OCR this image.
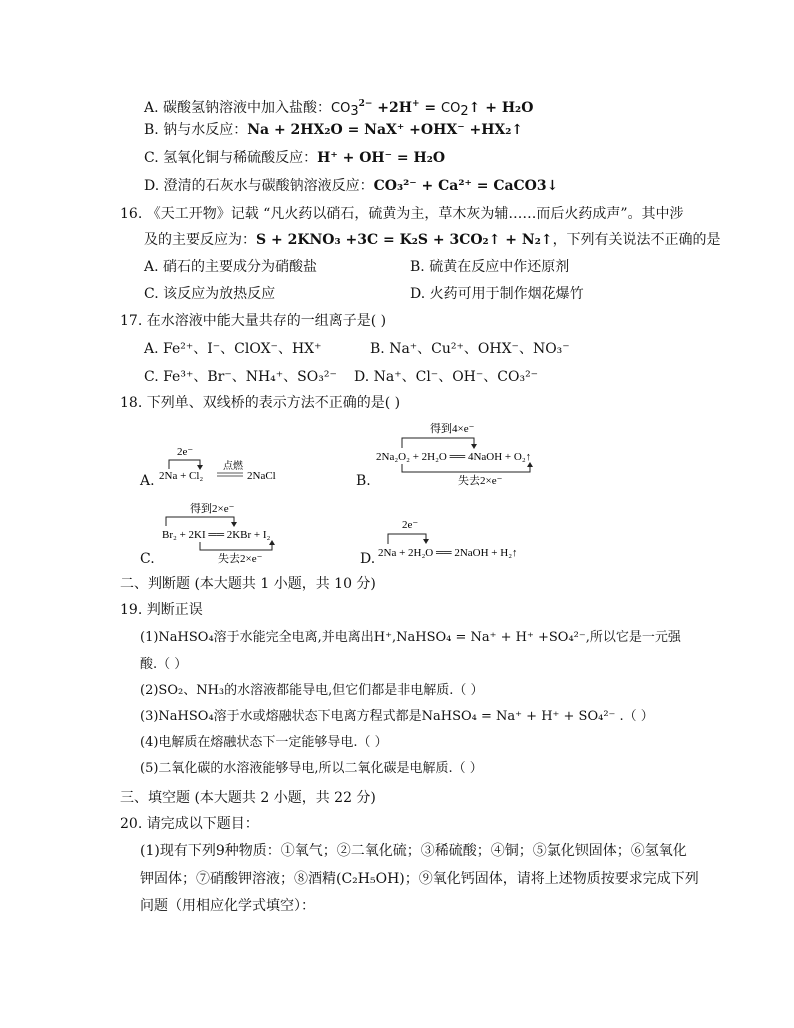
A. 碳酸氢钠溶液中加入盐酸：$CO3^{2-} +2H^+$ = CO2↑ + H₂O
B. 钠与水反应：Na + 2HX₂O = NaX⁺ +OHX⁻ +HX₂↑
C. 氢氧化铜与稀硫酸反应：H⁺ + OH⁻ = H₂O
D. 澄清的石灰水与碳酸钠溶液反应：CO₃²⁻ + Ca²⁺ = CaCO3↓
16. 《天工开物》记载 “凡火药以硝石，硫黄为主，草木灰为辅……而后火药成声”。其中涉
及的主要反应为：S + 2KNO₃ +3C = K₂S + 3CO₂↑ + N₂↑，下列有关说法不正确的是
A. 硝石的主要成分为硝酸盐	B. 硫黄在反应中作还原剂
C. 该反应为放热反应	D. 火药可用于制作烟花爆竹
17. 在水溶液中能大量共存的一组离子是( )
A. Fe²⁺、I⁻、ClOX⁻、HX⁺	B. Na⁺、Cu²⁺、OHX⁻、NO₃⁻
C. Fe³⁺、Br⁻、NH₄⁺、SO₃²⁻ D. Na⁺、Cl⁻、OH⁻、CO₃²⁻
18. 下列单、双线桥的表示方法不正确的是( )
A.
2e⁻
2Na + Cl₂
点燃
2NaCl	B.
得到4×e⁻
2Na₂O₂ + 2H₂O ══ 4NaOH + O₂↑
失去2×e⁻
C.
得到2×e⁻
Br₂ + 2KI ══ 2KBr + I₂
失去2×e⁻	D.
2e⁻
2Na + 2H₂O ══ 2NaOH + H₂↑
二、判断题 (本大题共 1 小题，共 10 分)
19. 判断正误
(1)NaHSO₄溶于水能完全电离,并电离出H⁺,NaHSO₄ = Na⁺ + H⁺ +SO₄²⁻,所以它是一元强
酸.（ ）
(2)SO₂、NH₃的水溶液都能导电,但它们都是非电解质.（ ）
(3)NaHSO₄溶于水或熔融状态下电离方程式都是NaHSO₄ = Na⁺ + H⁺ + SO₄²⁻ .（ ）
(4)电解质在熔融状态下一定能够导电.（ ）
(5)二氧化碳的水溶液能够导电,所以二氧化碳是电解质.（ ）
三、填空题 (本大题共 2 小题，共 22 分)
20. 请完成以下题目：
(1)现有下列9种物质：①氧气；②二氧化硫；③稀硫酸；④铜；⑤氯化钡固体；⑥氢氧化
钾固体；⑦硝酸钾溶液；⑧酒精(C₂H₅OH)；⑨氧化钙固体，请将上述物质按要求完成下列
问题（用相应化学式填空）：
